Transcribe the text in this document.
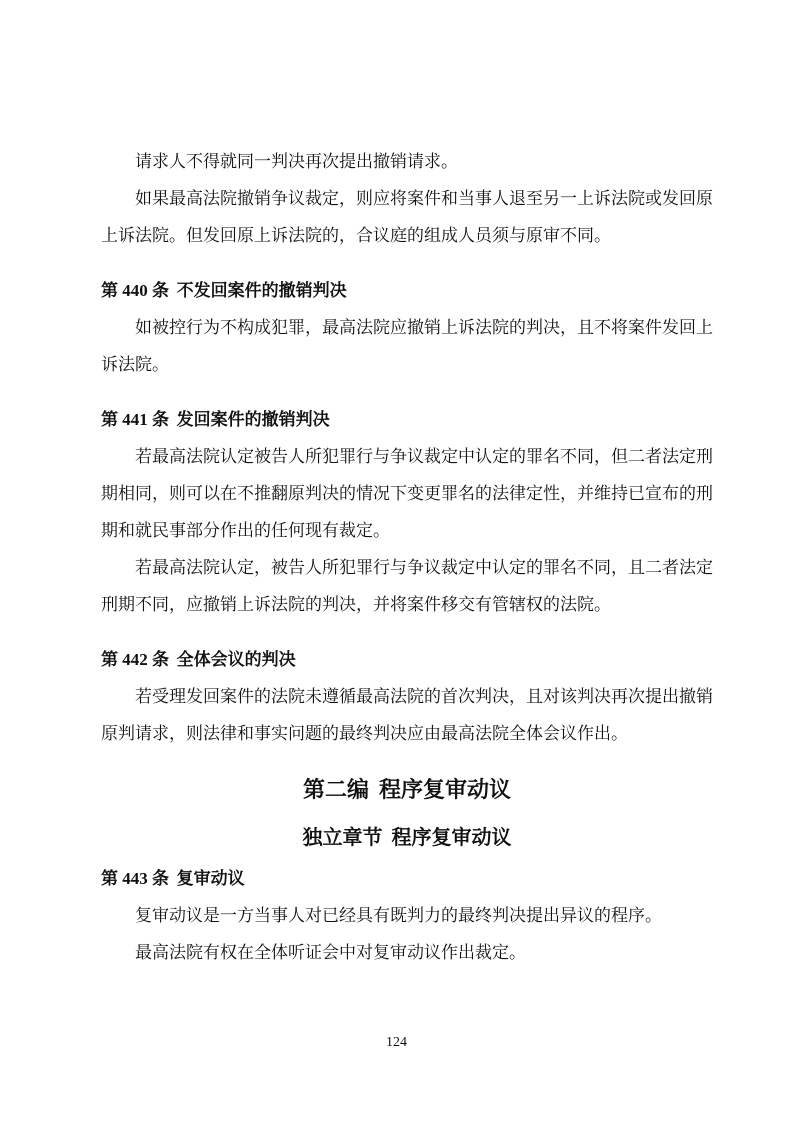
请求人不得就同一判决再次提出撤销请求。

如果最高法院撤销争议裁定，则应将案件和当事人退至另一上诉法院或发回原上诉法院。但发回原上诉法院的，合议庭的组成人员须与原审不同。

第 440 条 不发回案件的撤销判决

如被控行为不构成犯罪，最高法院应撤销上诉法院的判决，且不将案件发回上诉法院。

第 441 条 发回案件的撤销判决

若最高法院认定被告人所犯罪行与争议裁定中认定的罪名不同，但二者法定刑期相同，则可以在不推翻原判决的情况下变更罪名的法律定性，并维持已宣布的刑期和就民事部分作出的任何现有裁定。

若最高法院认定，被告人所犯罪行与争议裁定中认定的罪名不同，且二者法定刑期不同，应撤销上诉法院的判决，并将案件移交有管辖权的法院。

第 442 条 全体会议的判决

若受理发回案件的法院未遵循最高法院的首次判决，且对该判决再次提出撤销原判请求，则法律和事实问题的最终判决应由最高法院全体会议作出。

第二编 程序复审动议
独立章节 程序复审动议
第 443 条 复审动议

复审动议是一方当事人对已经具有既判力的最终判决提出异议的程序。

最高法院有权在全体听证会中对复审动议作出裁定。

124
